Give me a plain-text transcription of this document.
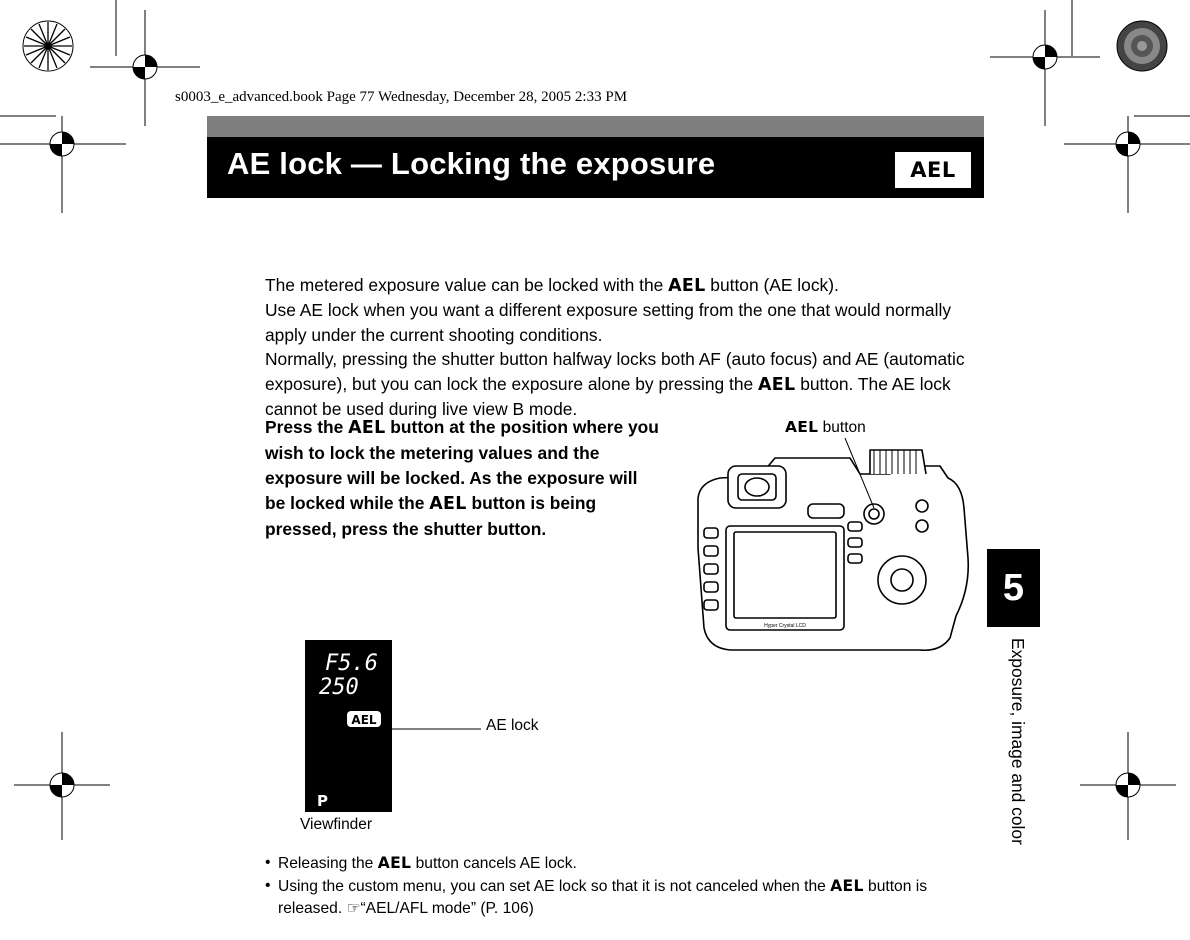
s0003_e_advanced.book Page 77 Wednesday, December 28, 2005 2:33 PM
AE lock — Locking the exposure	AEL

The metered exposure value can be locked with the AEL button (AE lock).
Use AE lock when you want a different exposure setting from the one that would normally apply under the current shooting conditions.

Normally, pressing the shutter button halfway locks both AF (auto focus) and AE (automatic exposure), but you can lock the exposure alone by pressing the AEL button. The AE lock cannot be used during live view B mode.

Press the AEL button at the position where you wish to lock the metering values and the exposure will be locked. As the exposure will be locked while the AEL button is being pressed, press the shutter button.
AEL button
Hyper Crystal LCD
F5.6
250
AEL
P
AE lock
Viewfinder
• Releasing the AEL button cancels AE lock.
• Using the custom menu, you can set AE lock so that it is not canceled when the AEL button is released. ☞“AEL/AFL mode” (P. 106)
5
Exposure, image and color
